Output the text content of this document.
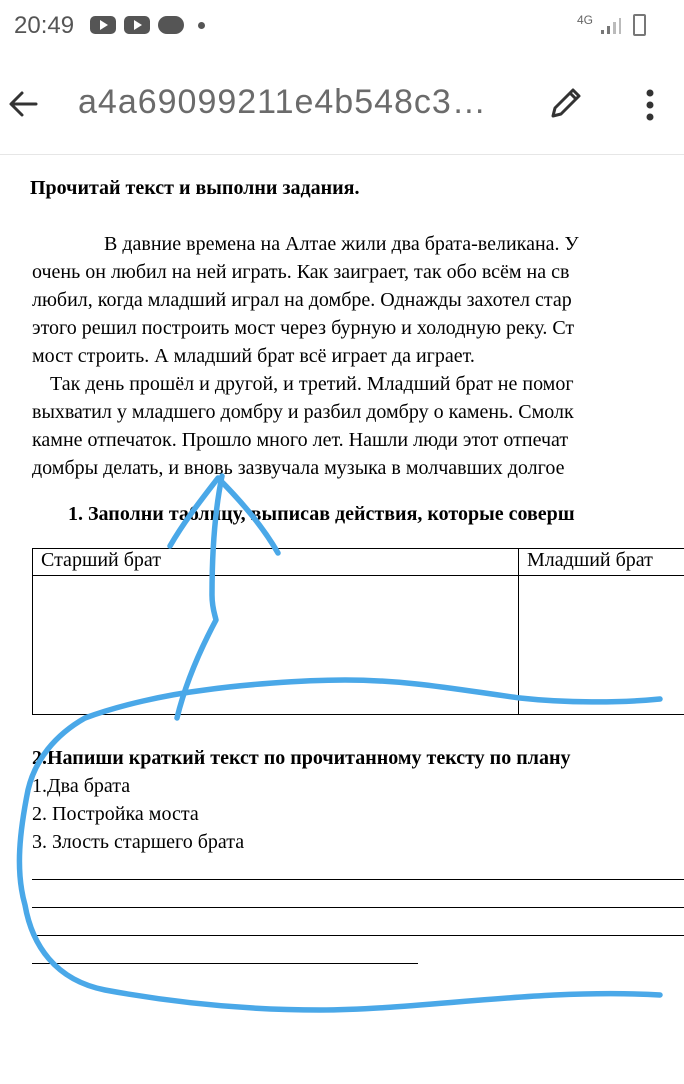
20:49	4G
a4a69099211e4b548c3…
Прочитай текст и выполни задания.
В давние времена на Алтае жили два брата-великана. У
очень он любил на ней играть. Как заиграет, так обо всём на св
любил, когда младший играл на домбре. Однажды захотел стар
этого решил построить мост через бурную и холодную реку. Ст
мост строить. А младший брат всё играет да играет.
Так день прошёл и другой, и третий. Младший брат не помог
выхватил у младшего домбру и разбил домбру о камень. Смолк
камне отпечаток. Прошло много лет. Нашли люди этот отпечат
домбры делать, и вновь зазвучала музыка в молчавших долгое
1. Заполни таблицу, выписав действия, которые соверш
Старший брат	Младший брат

2.Напиши краткий текст по прочитанному тексту по плану
1.Два брата
2. Постройка моста
3. Злость старшего брата
